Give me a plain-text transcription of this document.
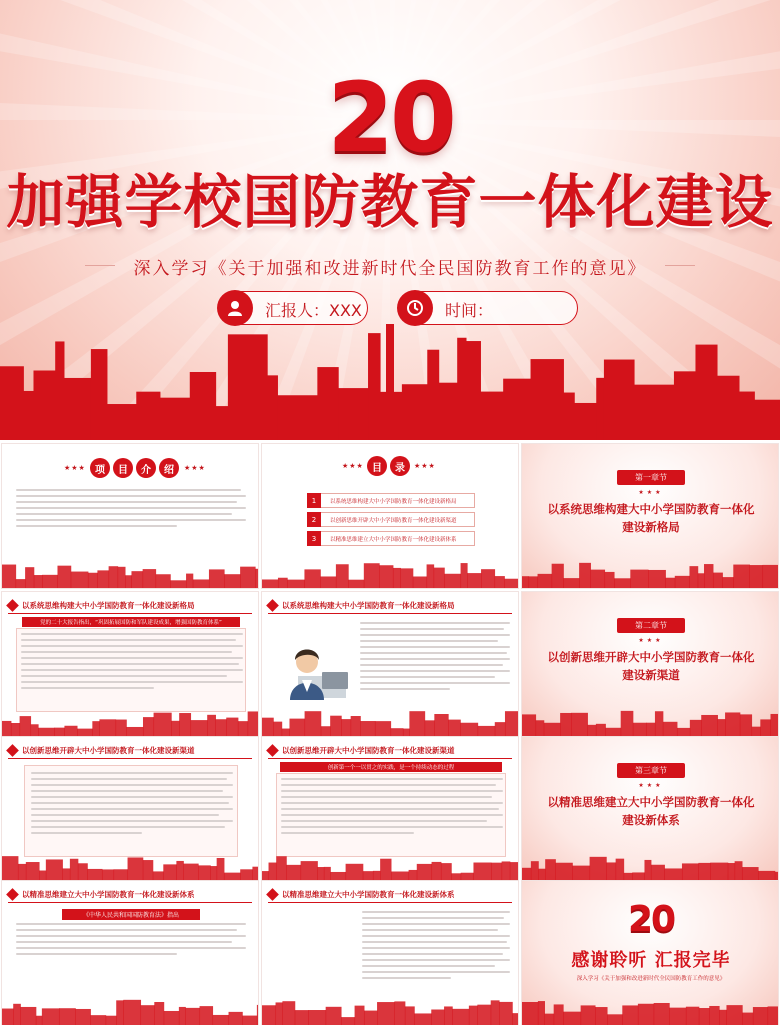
20
加强学校国防教育一体化建设
深入学习《关于加强和改进新时代全民国防教育工作的意见》
汇报人：XXX	时间：
★★★ 项	目	介	绍	★★★	★★★ 目	录	★★★
1	以系统思维构建大中小学国防教育一体化建设新格局
2	以创新思维开辟大中小学国防教育一体化建设新渠道
3	以精准思维建立大中小学国防教育一体化建设新体系
第一章节
★★★
以系统思维构建大中小学国防教育一体化建设新格局
以系统思维构建大中小学国防教育一体化建设新格局
党的二十大报告指出，“巩固拓展国防和军队建设成果，增强国防教育体系”
以系统思维构建大中小学国防教育一体化建设新格局
第二章节
★★★
以创新思维开辟大中小学国防教育一体化建设新渠道
以创新思维开辟大中小学国防教育一体化建设新渠道	以创新思维开辟大中小学国防教育一体化建设新渠道
创新第一个一以贯之的实践，是一个持续动态的过程	第三章节
★★★
以精准思维建立大中小学国防教育一体化建设新体系
以精准思维建立大中小学国防教育一体化建设新体系
《中华人民共和国国防教育法》指出
以精准思维建立大中小学国防教育一体化建设新体系
20
感谢聆听 汇报完毕
深入学习《关于加强和改进新时代全民国防教育工作的意见》
